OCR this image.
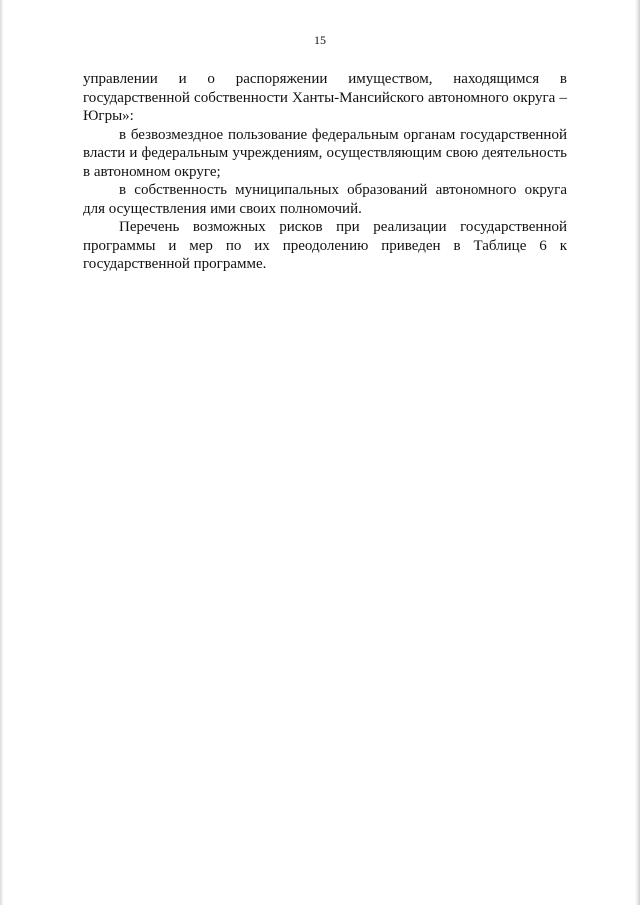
15

управлении и о распоряжении имуществом, находящимся в государственной собственности Ханты-Мансийского автономного округа – Югры»:

в безвозмездное пользование федеральным органам государственной власти и федеральным учреждениям, осуществляющим свою деятельность в автономном округе;

в собственность муниципальных образований автономного округа для осуществления ими своих полномочий.

Перечень возможных рисков при реализации государственной программы и мер по их преодолению приведен в Таблице 6 к государственной программе.
